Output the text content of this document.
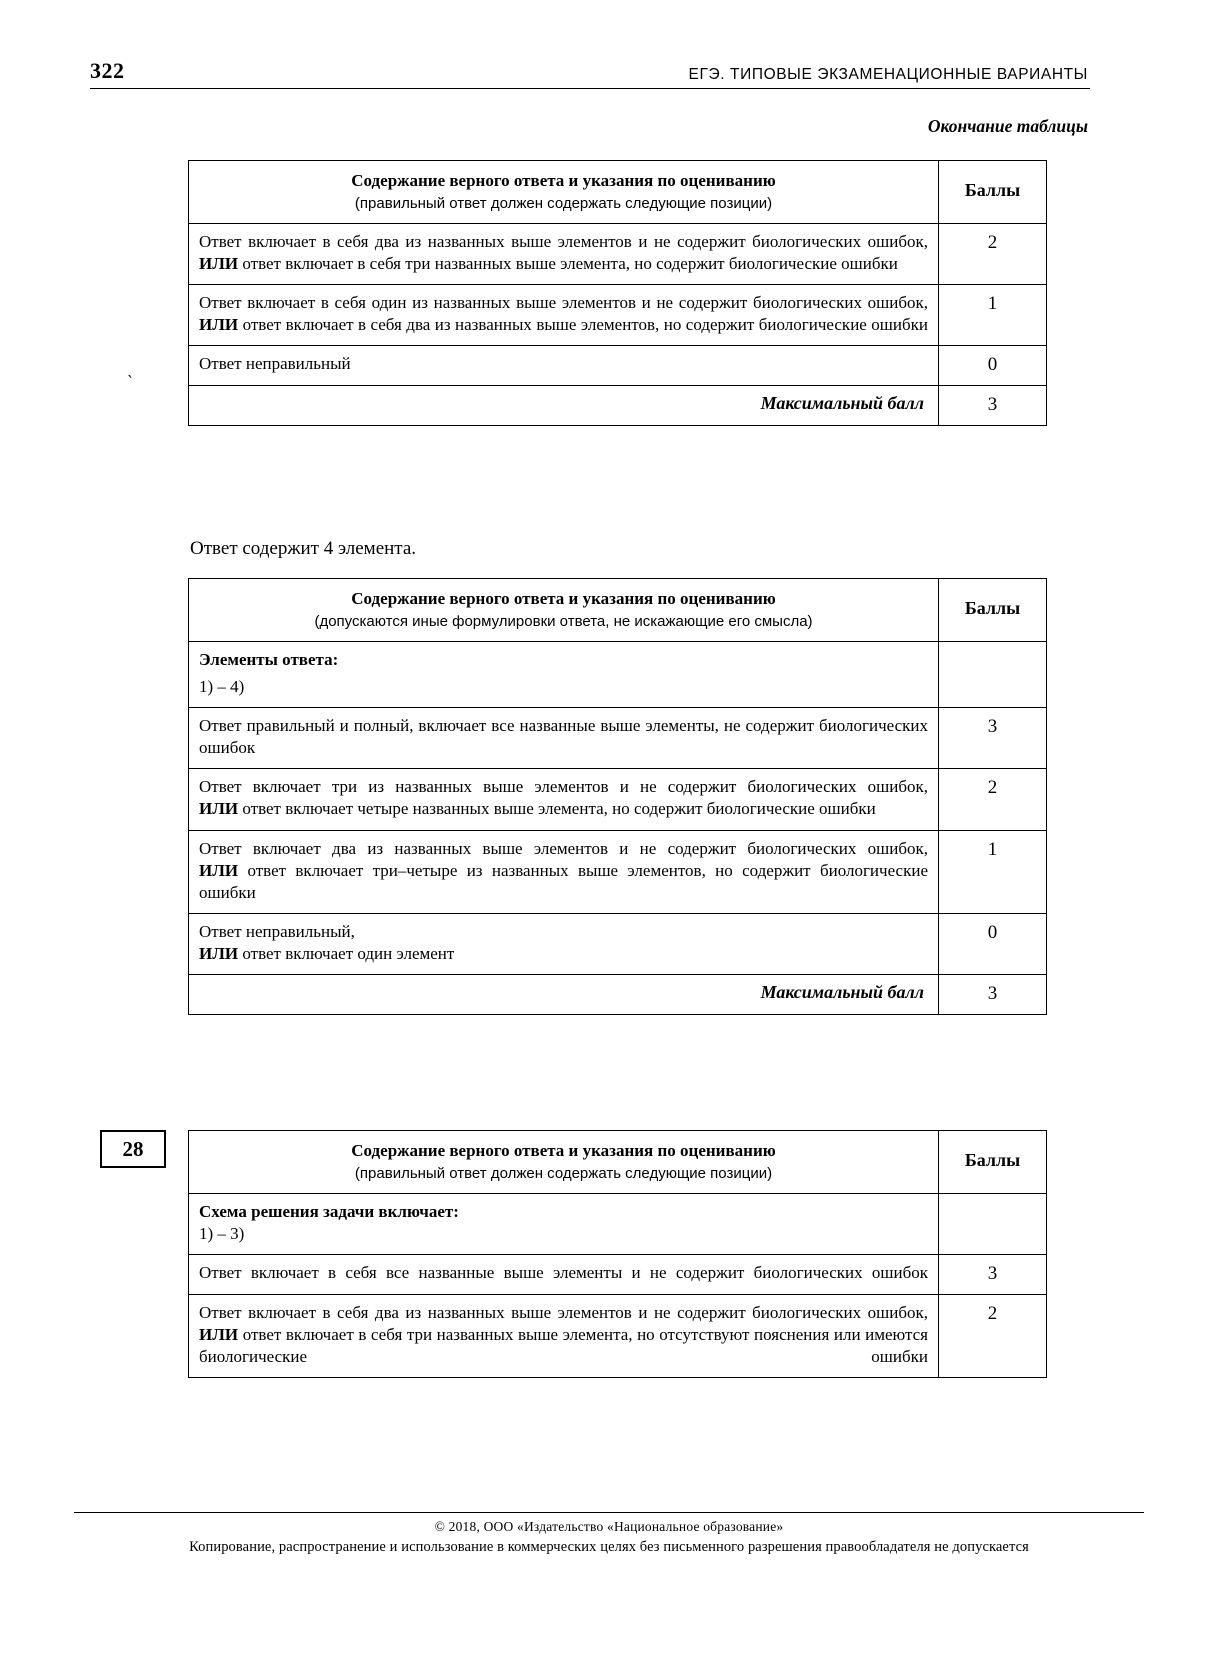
322	ЕГЭ. ТИПОВЫЕ ЭКЗАМЕНАЦИОННЫЕ ВАРИАНТЫ
Окончание таблицы
ˋ
Содержание верного ответа и указания по оцениванию
(правильный ответ должен содержать следующие позиции)	Баллы

Ответ включает в себя два из названных выше элементов и не содержит биологических ошибок,
ИЛИ ответ включает в себя три названных выше элемента, но содержит биологические ошибки	2

Ответ включает в себя один из названных выше элементов и не содержит биологических ошибок,
ИЛИ ответ включает в себя два из названных выше элементов, но содержит биологические ошибки	1

Ответ неправильный	0
Максимальный балл	3
Ответ содержит 4 элемента.
Содержание верного ответа и указания по оцениванию
(допускаются иные формулировки ответа, не искажающие его смысла)	Баллы

Элементы ответа:
1) – 4)	

Ответ правильный и полный, включает все названные выше элементы, не содержит биологических ошибок	3

Ответ включает три из названных выше элементов и не содержит биологических ошибок,
ИЛИ ответ включает четыре названных выше элемента, но содержит биологические ошибки	2

Ответ включает два из названных выше элементов и не содержит биологических ошибок,
ИЛИ ответ включает три–четыре из названных выше элементов, но содержит биологические ошибки	1

Ответ неправильный,
ИЛИ ответ включает один элемент	0
Максимальный балл	3
28	Содержание верного ответа и указания по оцениванию
(правильный ответ должен содержать следующие позиции)	Баллы

Схема решения задачи включает:
1) – 3)	

Ответ включает в себя все названные выше элементы и не содержит биологических ошибок	3

Ответ включает в себя два из названных выше элементов и не содержит биологических ошибок,
ИЛИ ответ включает в себя три названных выше элемента, но отсутствуют пояснения или имеются биологические ошибки	2
© 2018, ООО «Издательство «Национальное образование»
Копирование, распространение и использование в коммерческих целях без письменного разрешения правообладателя не допускается
